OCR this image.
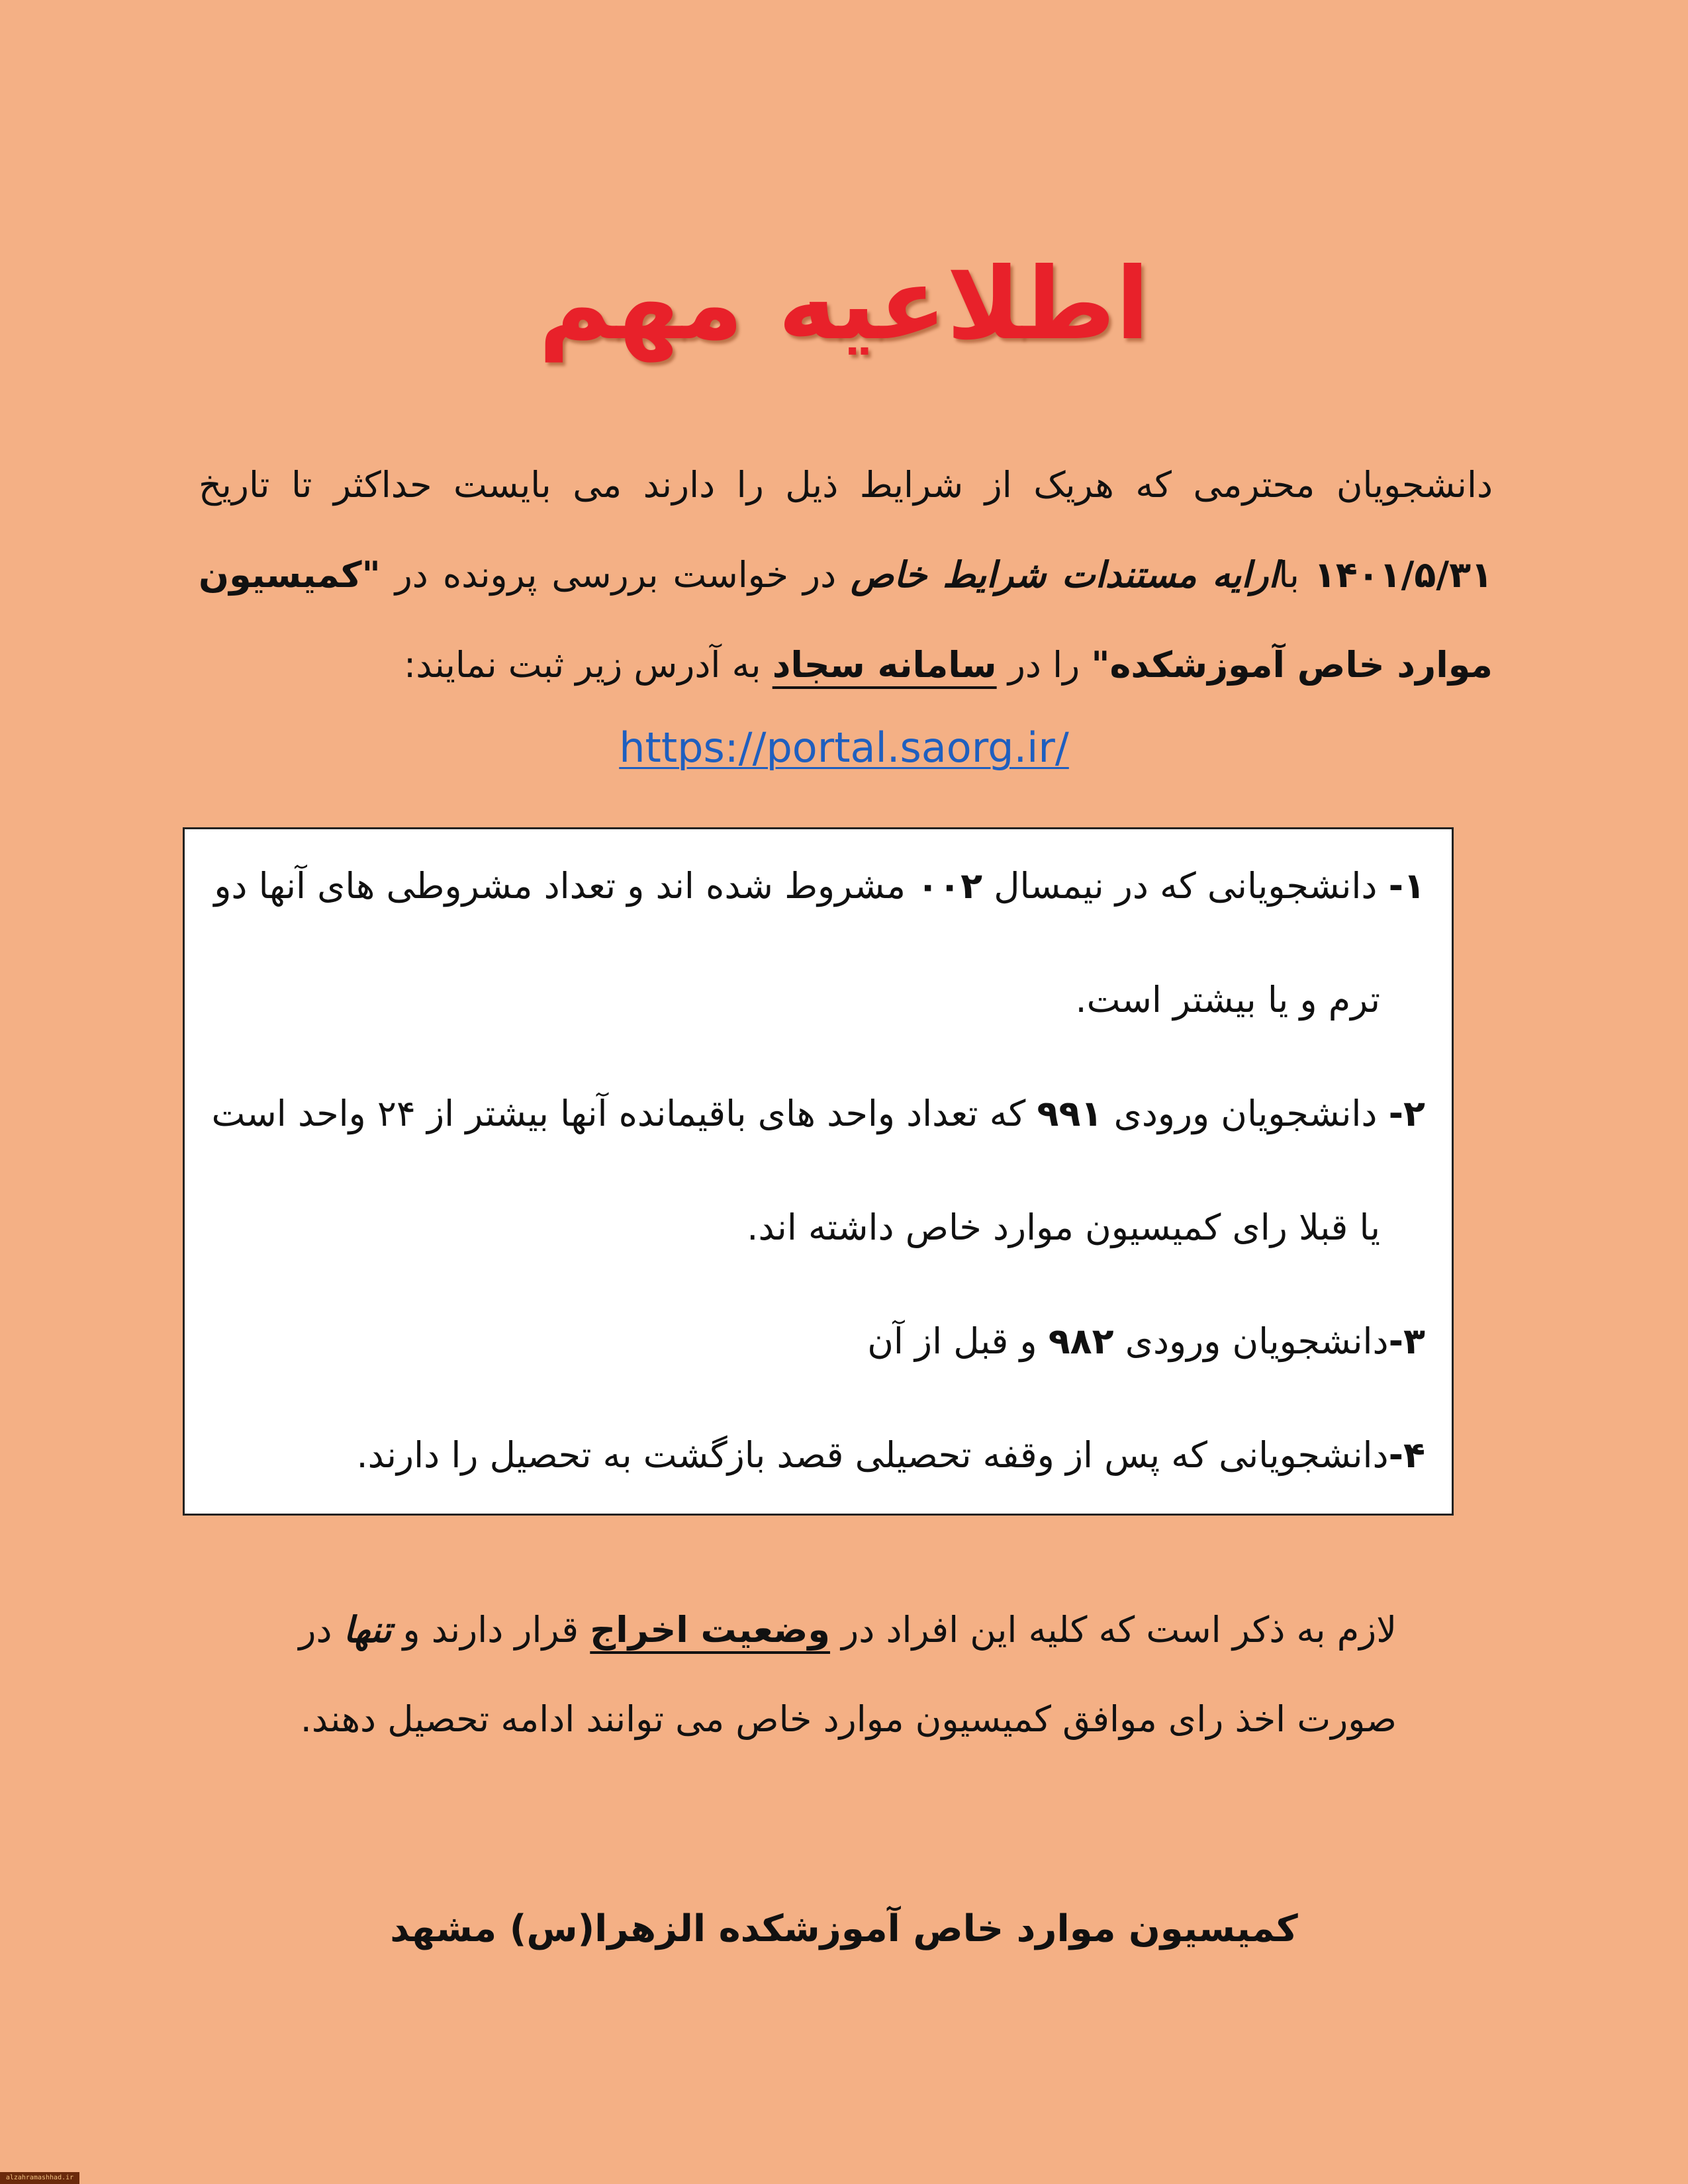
اطلاعیه مهم

دانشجویان محترمی که هریک از شرایط ذیل را دارند می بایست حداکثر تا تاریخ ۱۴۰۱/۵/۳۱ باارایه مستندات شرایط خاص در خواست بررسی پرونده در "کمیسیون موارد خاص آموزشکده" را در سامانه سجاد به آدرس زیر ثبت نمایند:

https://portal.saorg.ir/

۱- دانشجویانی که در نیمسال ۰۰۲ مشروط شده اند و تعداد مشروطی های آنها دو
ترم و یا بیشتر است.

۲- دانشجویان ورودی ۹۹۱ که تعداد واحد های باقیمانده آنها بیشتر از ۲۴ واحد است
یا قبلا رای کمیسیون موارد خاص داشته اند.

۳-دانشجویان ورودی ۹۸۲ و قبل از آن

۴-دانشجویانی که پس از وقفه تحصیلی قصد بازگشت به تحصیل را دارند.

لازم به ذکر است که کلیه این افراد در وضعیت اخراج قرار دارند و تنها در صورت اخذ رای موافق کمیسیون موارد خاص می توانند ادامه تحصیل دهند.

کمیسیون موارد خاص آموزشکده الزهرا(س) مشهد

alzahramashhad.ir
